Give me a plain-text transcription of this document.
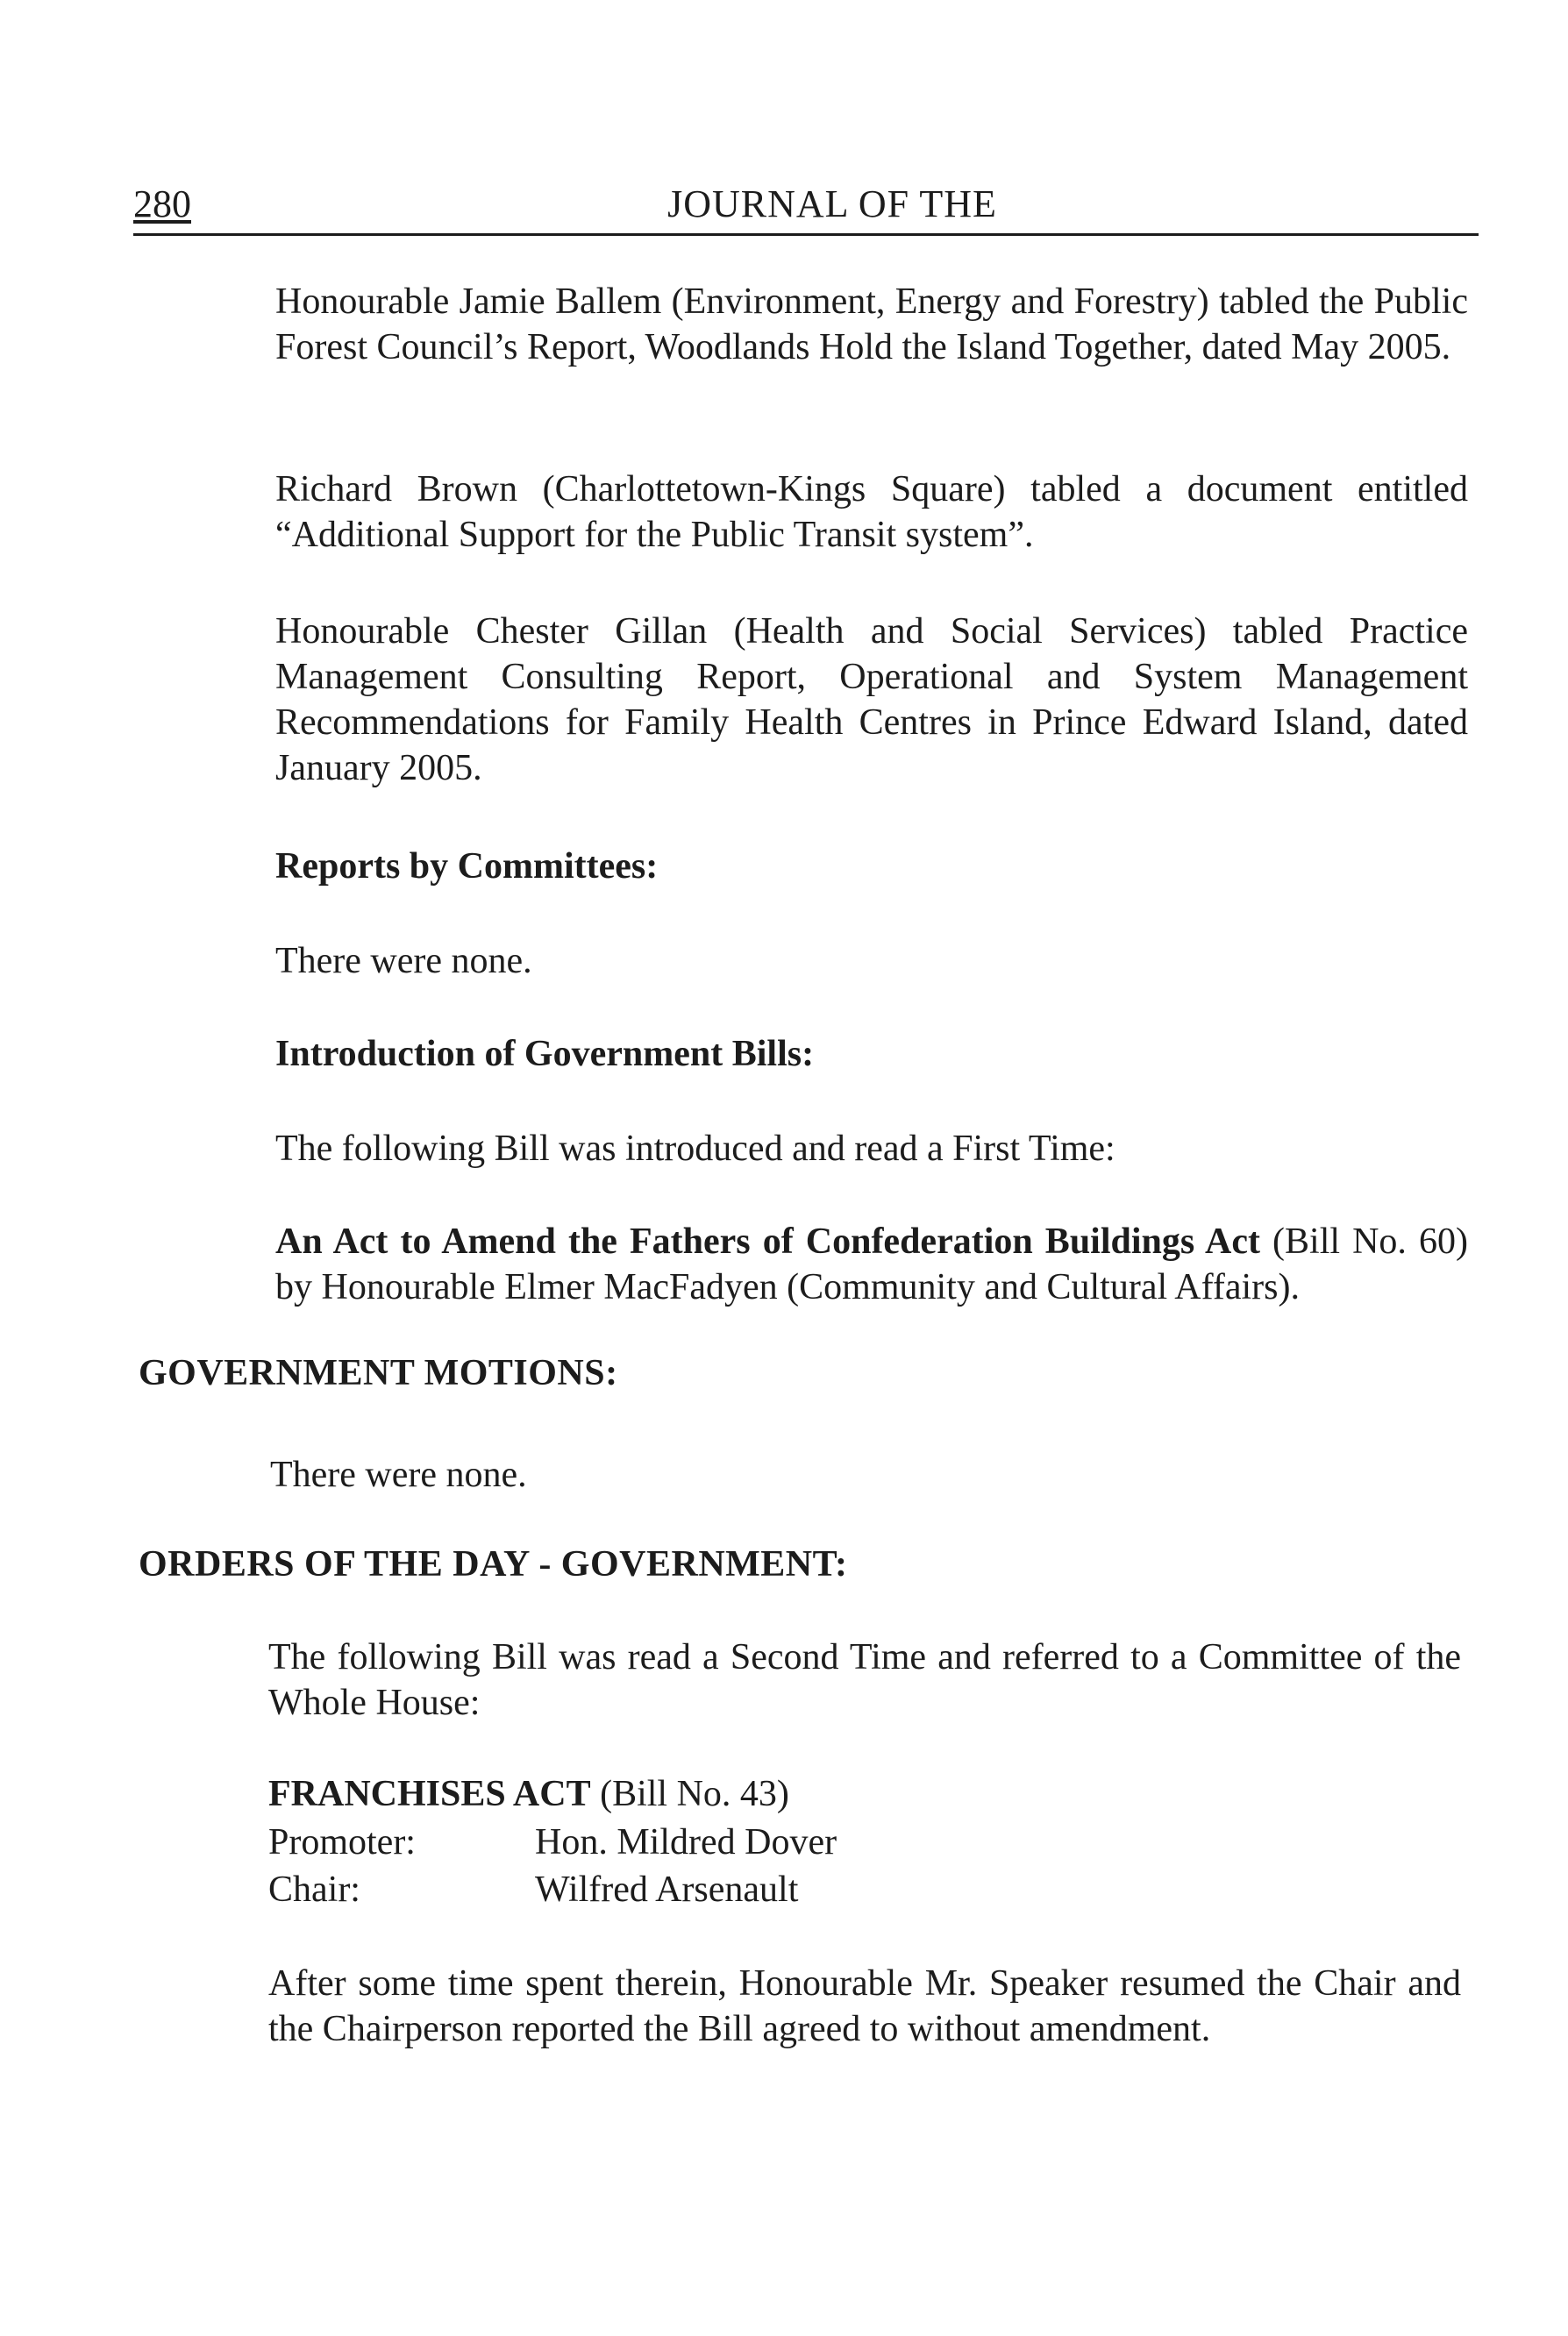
280	JOURNAL OF THE

Honourable Jamie Ballem (Environment, Energy and Forestry) tabled the Public Forest Council’s Report, Woodlands Hold the Island Together, dated May 2005.

Richard Brown (Charlottetown-Kings Square) tabled a document entitled “Additional Support for the Public Transit system”.

Honourable Chester Gillan (Health and Social Services) tabled Practice Management Consulting Report, Operational and System Management Recommendations for Family Health Centres in Prince Edward Island, dated January 2005.

Reports by Committees:
There were none.
Introduction of Government Bills:
The following Bill was introduced and read a First Time:

An Act to Amend the Fathers of Confederation Buildings Act (Bill No. 60) by Honourable Elmer MacFadyen (Community and Cultural Affairs).

GOVERNMENT MOTIONS:
There were none.
ORDERS OF THE DAY - GOVERNMENT:

The following Bill was read a Second Time and referred to a Committee of the Whole House:

FRANCHISES ACT (Bill No. 43)
Promoter:	Hon. Mildred Dover
Chair:	Wilfred Arsenault

After some time spent therein, Honourable Mr. Speaker resumed the Chair and the Chairperson reported the Bill agreed to without amendment.
